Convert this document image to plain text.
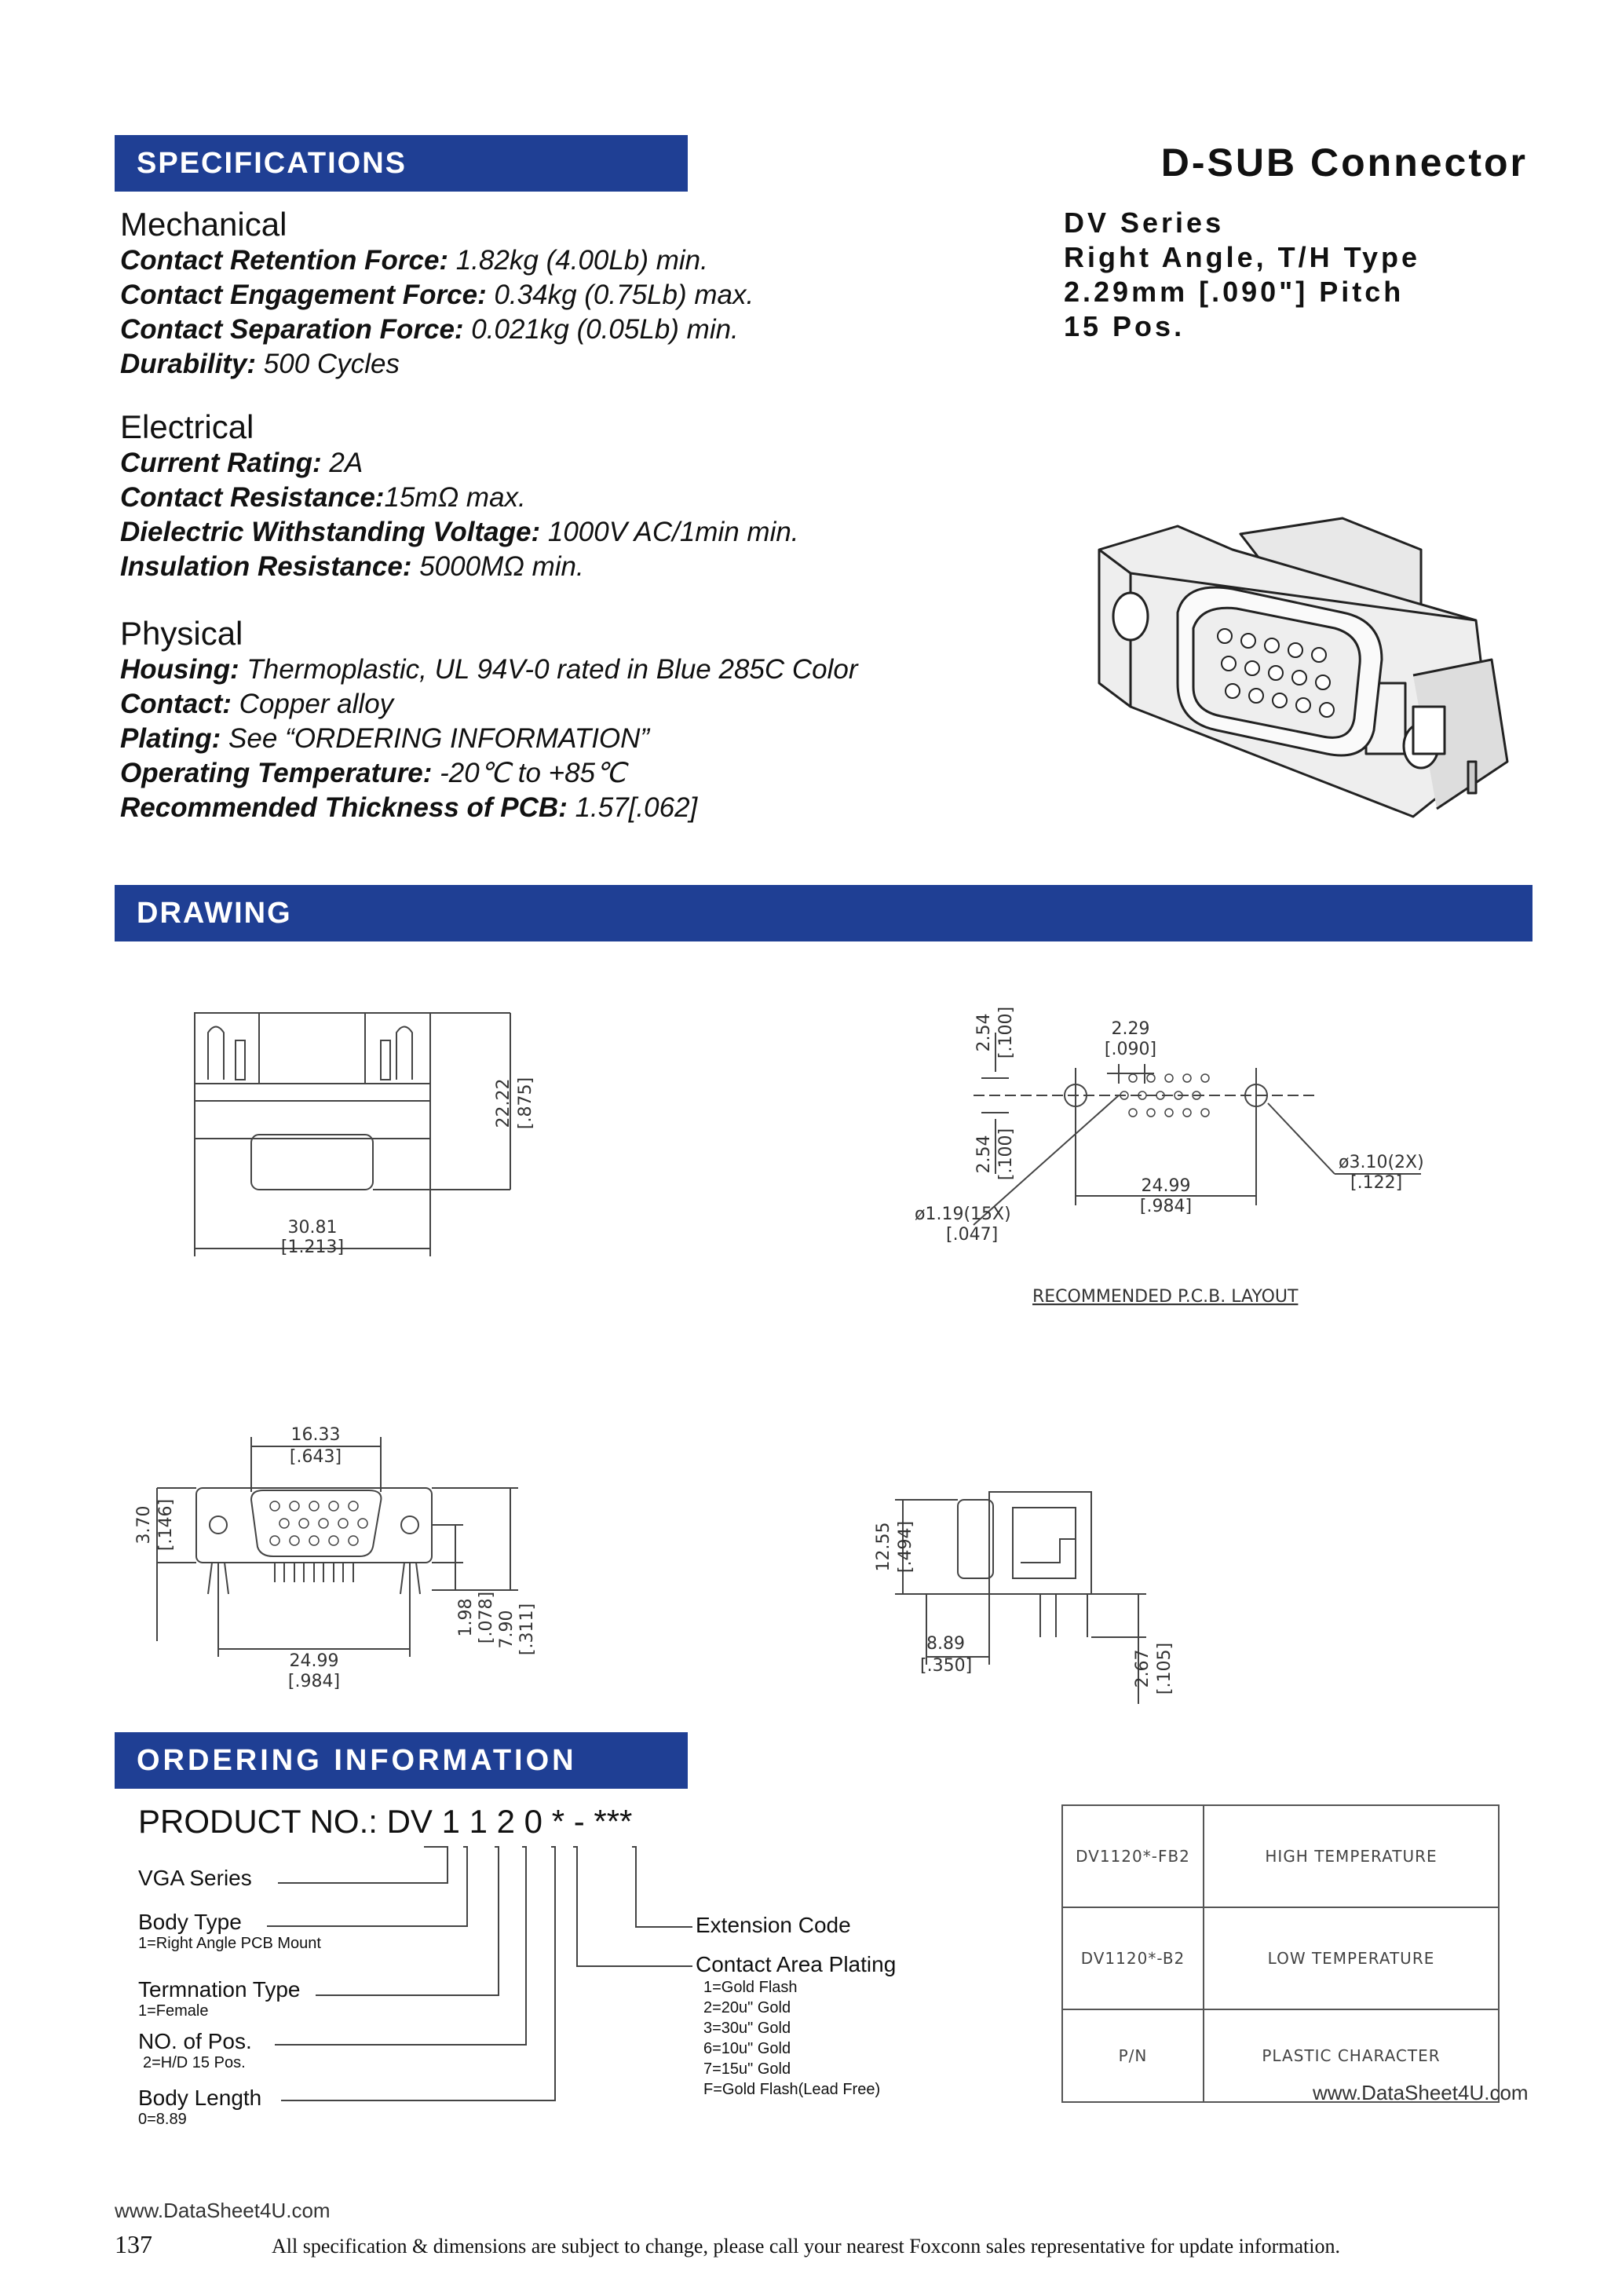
SPECIFICATIONS	D-SUB Connector
DV Series
Right Angle, T/H Type
2.29mm [.090"] Pitch
15 Pos.
Mechanical
Contact Retention Force: 1.82kg (4.00Lb) min.
Contact Engagement Force: 0.34kg (0.75Lb) max.
Contact Separation Force: 0.021kg (0.05Lb) min.
Durability: 500 Cycles
Electrical
Current Rating: 2A
Contact Resistance:15mΩ max.
Dielectric Withstanding Voltage: 1000V AC/1min min.
Insulation Resistance: 5000MΩ min.
Physical
Housing: Thermoplastic, UL 94V-0 rated in Blue 285C Color
Contact: Copper alloy
Plating: See “ORDERING INFORMATION”
Operating Temperature: -20℃ to +85℃
Recommended Thickness of PCB: 1.57[.062]
DRAWING
30.81
[1.213]
22.22 [.875]
2.54 [.100]	2.29
[.090]
2.54 [.100]
24.99
[.984]
ø1.19(15X)
[.047]
ø3.10(2X)
[.122]
RECOMMENDED P.C.B. LAYOUT
16.33
[.643]
3.70 [.146]
1.98 [.078] 7.90 [.311]
24.99
[.984]
12.55 [.494]
8.89
[.350]	2.67 [.105]
ORDERING INFORMATION
PRODUCT NO.: DV 1 1 2 0 * - ***
VGA Series
Body Type
1=Right Angle PCB Mount
Termnation Type
1=Female
NO. of Pos.
2=H/D 15 Pos.
Body Length
0=8.89
Extension Code
Contact Area Plating
1=Gold Flash
2=20u" Gold
3=30u" Gold
6=10u" Gold
7=15u" Gold
F=Gold Flash(Lead Free)
DV1120*-FB2	HIGH TEMPERATURE
DV1120*-B2	LOW TEMPERATURE
P/N	PLASTIC CHARACTER
www.DataSheet4U.com
www.DataSheet4U.com
137	All specification & dimensions are subject to change, please call your nearest Foxconn sales representative for update information.
